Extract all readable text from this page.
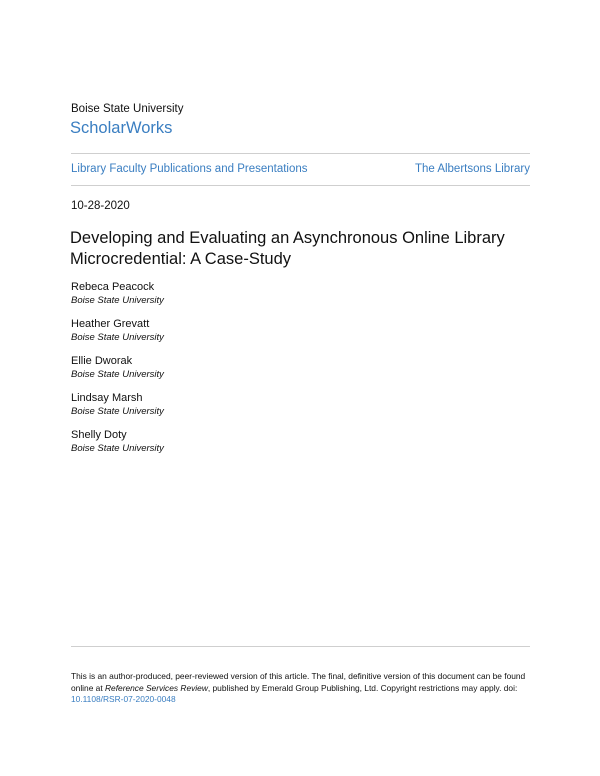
Boise State University
ScholarWorks
Library Faculty Publications and Presentations	The Albertsons Library
10-28-2020
Developing and Evaluating an Asynchronous Online Library Microcredential: A Case-Study
Rebeca Peacock
Boise State University
Heather Grevatt
Boise State University
Ellie Dworak
Boise State University
Lindsay Marsh
Boise State University
Shelly Doty
Boise State University

This is an author-produced, peer-reviewed version of this article. The final, definitive version of this document can be found online at Reference Services Review, published by Emerald Group Publishing, Ltd. Copyright restrictions may apply. doi: 10.1108/RSR-07-2020-0048
